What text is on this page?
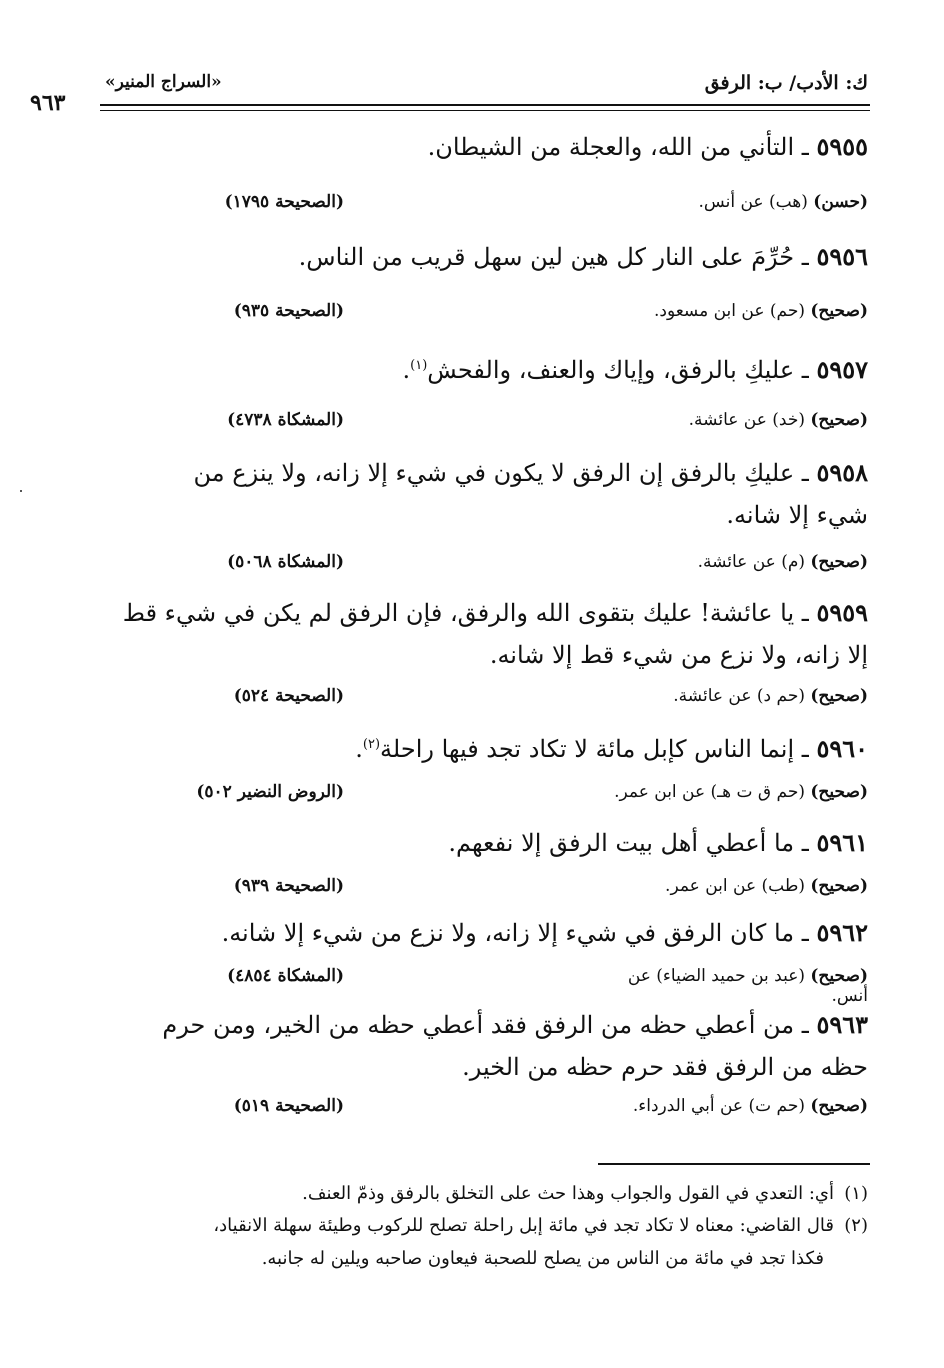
ك: الأدب/ ب: الرفق
«السراج المنير»
٩٦٣
٥٩٥٥ ـ التأني من الله، والعجلة من الشيطان.
(حسن) (هب) عن أنس.
(الصحيحة ١٧٩٥)
٥٩٥٦ ـ حُرِّمَ على النار كل هين لين سهل قريب من الناس.
(صحيح) (حم) عن ابن مسعود.
(الصحيحة ٩٣٥)
٥٩٥٧ ـ عليكِ بالرفق، وإياك والعنف، والفحش$^{(١)}$.
(صحيح) (خد) عن عائشة.
(المشكاة ٤٧٣٨)
٥٩٥٨ ـ عليكِ بالرفق إن الرفق لا يكون في شيء إلا زانه، ولا ينزع من
شيء إلا شانه.
(صحيح) (م) عن عائشة.
(المشكاة ٥٠٦٨)
٥٩٥٩ ـ يا عائشة! عليك بتقوى الله والرفق، فإن الرفق لم يكن في شيء قط
إلا زانه، ولا نزع من شيء قط إلا شانه.
(صحيح) (حم د) عن عائشة.
(الصحيحة ٥٢٤)
٥٩٦٠ ـ إنما الناس كإبل مائة لا تكاد تجد فيها راحلة$^{(٢)}$.
(صحيح) (حم ق ت هـ) عن ابن عمر.
(الروض النضير ٥٠٢)
٥٩٦١ ـ ما أعطي أهل بيت الرفق إلا نفعهم.
(صحيح) (طب) عن ابن عمر.
(الصحيحة ٩٣٩)
٥٩٦٢ ـ ما كان الرفق في شيء إلا زانه، ولا نزع من شيء إلا شانه.
(صحيح) (عبد بن حميد الضياء) عن أنس.
(المشكاة ٤٨٥٤)
٥٩٦٣ ـ من أعطي حظه من الرفق فقد أعطي حظه من الخير، ومن حرم
حظه من الرفق فقد حرم حظه من الخير.
(صحيح) (حم ت) عن أبي الدرداء.
(الصحيحة ٥١٩)
(١)أي: التعدي في القول والجواب وهذا حث على التخلق بالرفق وذمّ العنف.
(٢)قال القاضي: معناه لا تكاد تجد في مائة إبل راحلة تصلح للركوب وطيئة سهلة الانقياد،
فكذا تجد في مائة من الناس من يصلح للصحبة فيعاون صاحبه ويلين له جانبه.
